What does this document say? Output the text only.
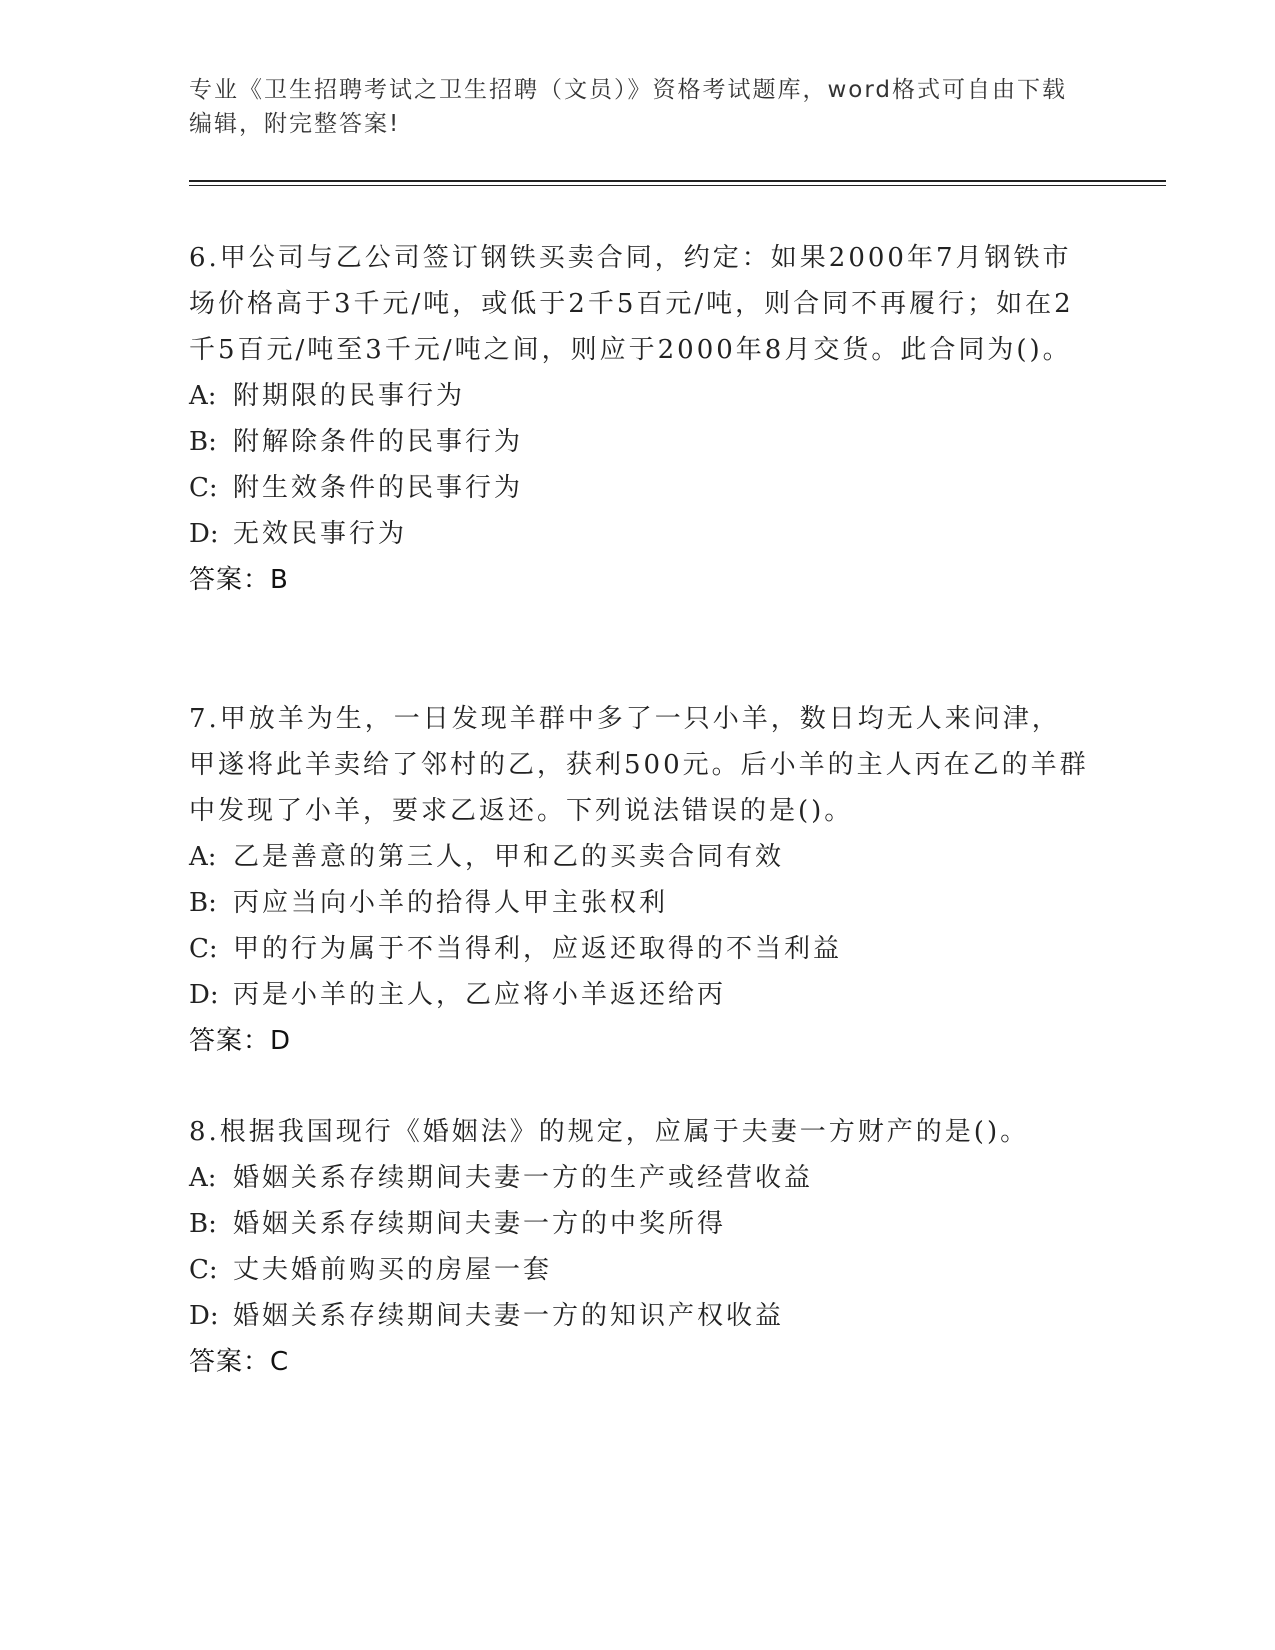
专业《卫生招聘考试之卫生招聘（文员）》资格考试题库，word格式可自由下载编辑，附完整答案!

6.甲公司与乙公司签订钢铁买卖合同，约定：如果2000年7月钢铁市场价格高于3千元/吨，或低于2千5百元/吨，则合同不再履行；如在2千5百元/吨至3千元/吨之间，则应于2000年8月交货。此合同为()。

A: 附期限的民事行为

B: 附解除条件的民事行为

C: 附生效条件的民事行为

D: 无效民事行为

答案：B

7.甲放羊为生，一日发现羊群中多了一只小羊，数日均无人来问津，甲遂将此羊卖给了邻村的乙，获利500元。后小羊的主人丙在乙的羊群中发现了小羊，要求乙返还。下列说法错误的是()。

A: 乙是善意的第三人，甲和乙的买卖合同有效

B: 丙应当向小羊的拾得人甲主张权利

C: 甲的行为属于不当得利，应返还取得的不当利益

D: 丙是小羊的主人，乙应将小羊返还给丙

答案：D

8.根据我国现行《婚姻法》的规定，应属于夫妻一方财产的是()。

A: 婚姻关系存续期间夫妻一方的生产或经营收益

B: 婚姻关系存续期间夫妻一方的中奖所得

C: 丈夫婚前购买的房屋一套

D: 婚姻关系存续期间夫妻一方的知识产权收益

答案：C
